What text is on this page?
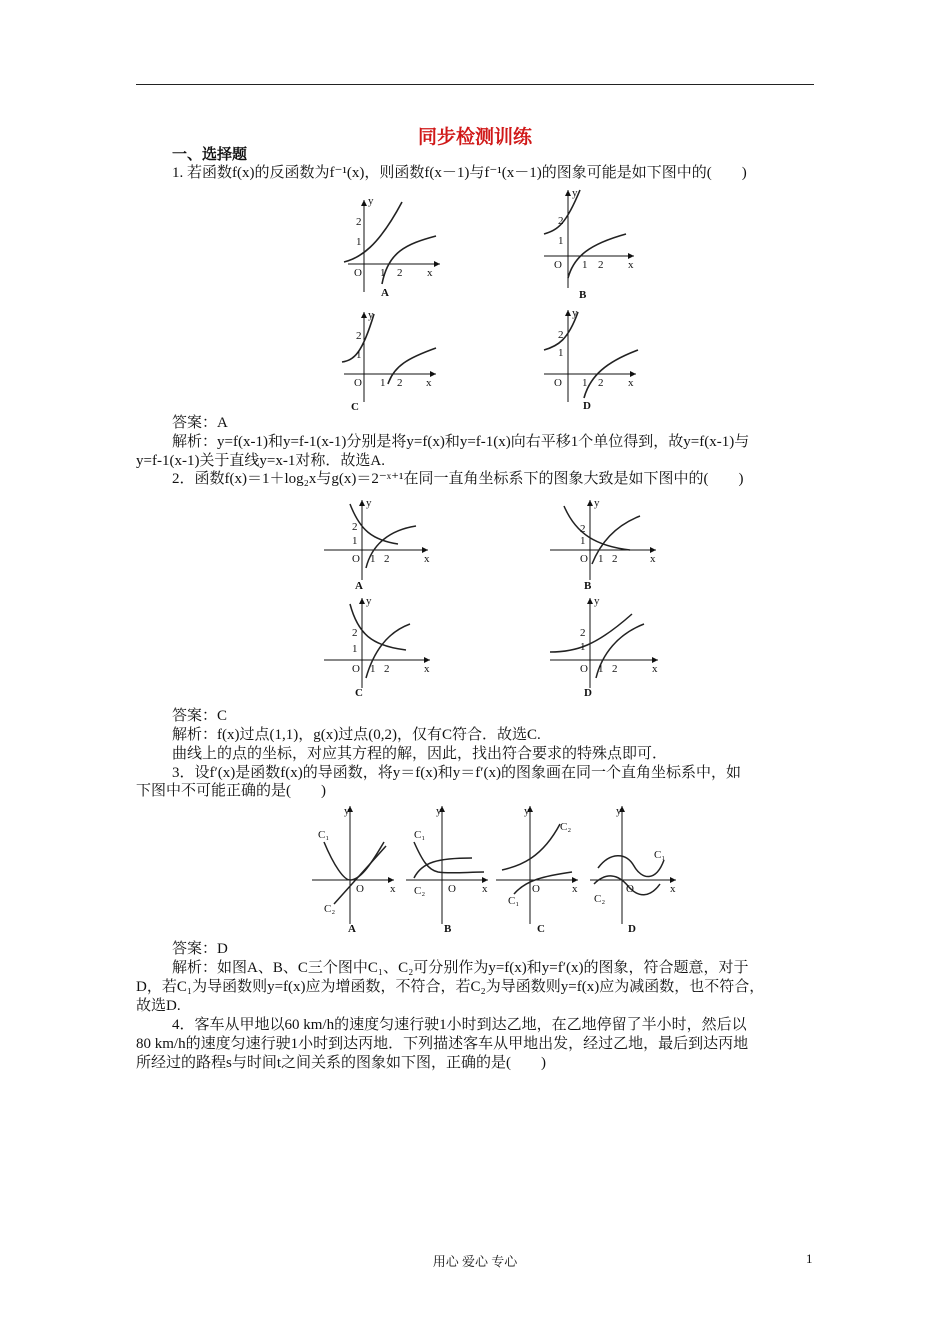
同步检测训练
一、选择题
1. 若函数f(x)的反函数为f⁻¹(x)，则函数f(x－1)与f⁻¹(x－1)的图象可能是如下图中的(　　)
y
x
O
1
2
1 2
A
y
x
O
1
2
1 2
B
y
x
O
1
2
1 2
C
y
x
O
1
2
1 2
D
答案：A
解析：y=f(x-1)和y=f-1(x-1)分别是将y=f(x)和y=f-1(x)向右平移1个单位得到，故y=f(x-1)与
y=f-1(x-1)关于直线y=x-1对称．故选A.
2．函数f(x)＝1＋log₂x与g(x)＝2⁻ˣ⁺¹在同一直角坐标系下的图象大致是如下图中的(　　)
y
x
O
1
2
1 2
A
y
x
O
1
2
1 2
B
y
x
O
1
2
1 2
C
y
x
O
1
2
1 2
D
答案：C
解析：f(x)过点(1,1)，g(x)过点(0,2)，仅有C符合．故选C.
曲线上的点的坐标，对应其方程的解，因此，找出符合要求的特殊点即可．
3．设f′(x)是函数f(x)的导函数，将y＝f(x)和y＝f′(x)的图象画在同一个直角坐标系中，如
下图中不可能正确的是(　　)
y
x
O
C₁
C₂
A
y
x
O
C₁
C₂
B
y
x
O
C₂
C₁
C
y
x
O
C₁
C₂
D
答案：D
解析：如图A、B、C三个图中C₁、C₂可分别作为y=f(x)和y=f′(x)的图象，符合题意，对于
D，若C₁为导函数则y=f(x)应为增函数，不符合，若C₂为导函数则y=f(x)应为减函数，也不符合，
故选D.
4．客车从甲地以60 km/h的速度匀速行驶1小时到达乙地，在乙地停留了半小时，然后以
80 km/h的速度匀速行驶1小时到达丙地．下列描述客车从甲地出发，经过乙地，最后到达丙地
所经过的路程s与时间t之间关系的图象如下图，正确的是(　　)
用心 爱心 专心	1
